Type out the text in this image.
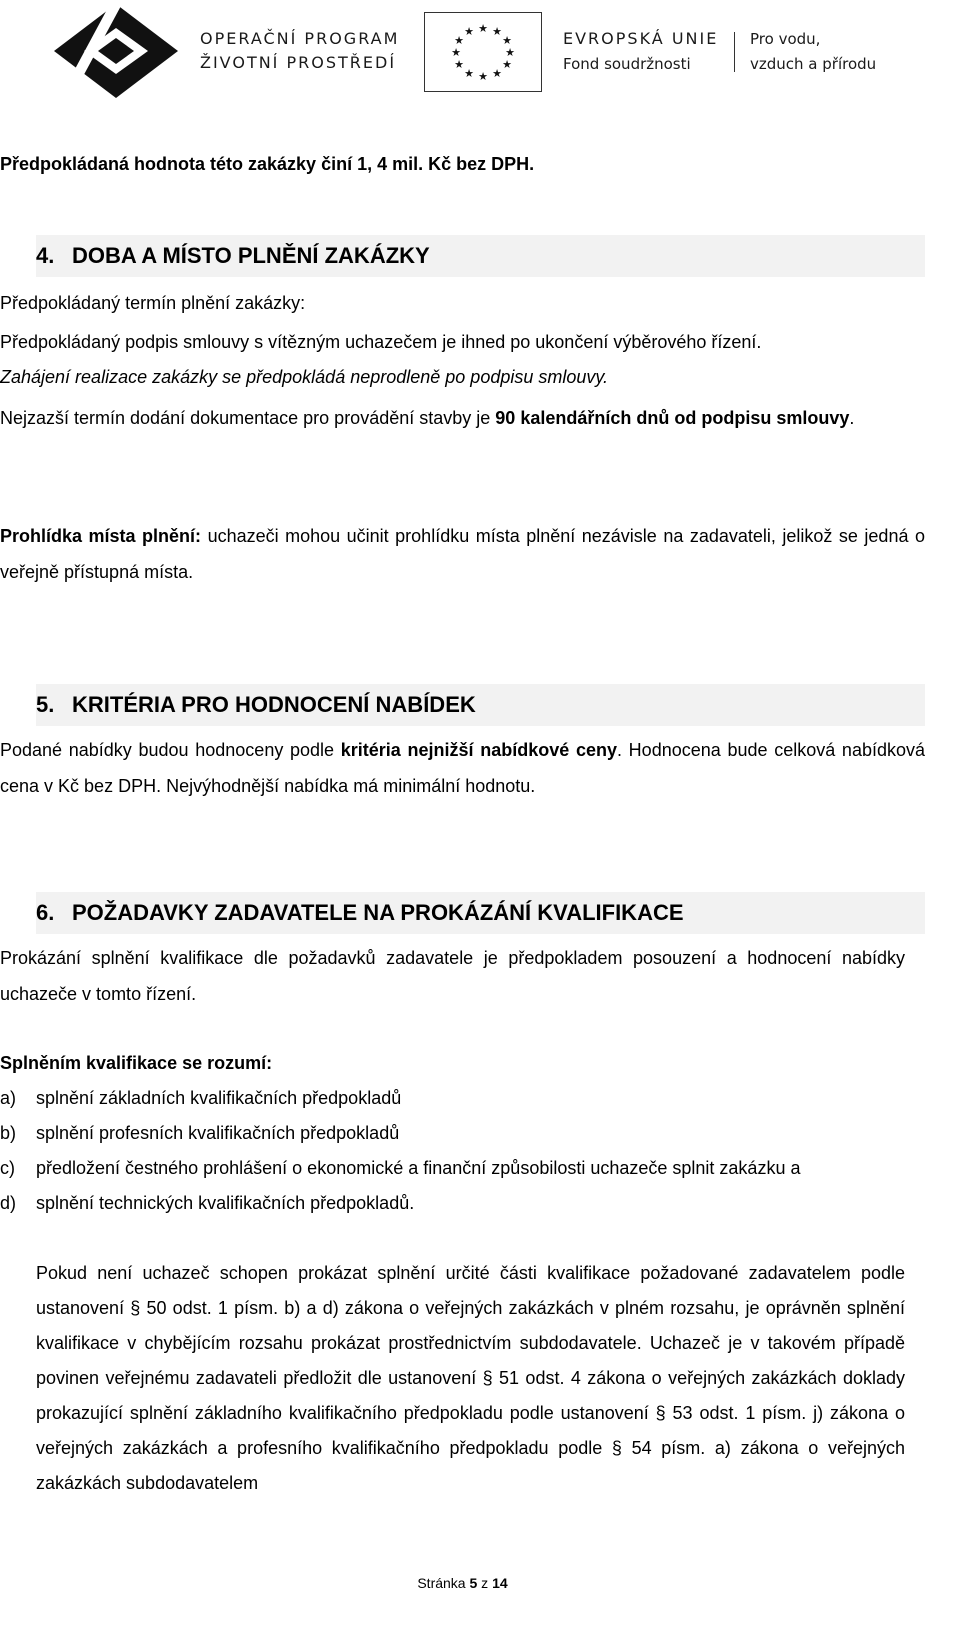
OPERAČNÍ PROGRAM
ŽIVOTNÍ PROSTŘEDÍ
★ ★
★
★
★
★
★
★
★
★
★
★	EVROPSKÁ UNIE
Fond soudržnosti
Pro vodu,
vzduch a přírodu
Předpokládaná hodnota této zakázky činí 1, 4 mil. Kč bez DPH.
4. DOBA A MÍSTO PLNĚNÍ ZAKÁZKY
Předpokládaný termín plnění zakázky:
Předpokládaný podpis smlouvy s vítězným uchazečem je ihned po ukončení výběrového řízení.
Zahájení realizace zakázky se předpokládá neprodleně po podpisu smlouvy.
Nejzazší termín dodání dokumentace pro provádění stavby je 90 kalendářních dnů od podpisu smlouvy.
Prohlídka místa plnění: uchazeči mohou učinit prohlídku místa plnění nezávisle na zadavateli, jelikož se jedná o veřejně přístupná místa.
5. KRITÉRIA PRO HODNOCENÍ NABÍDEK
Podané nabídky budou hodnoceny podle kritéria nejnižší nabídkové ceny. Hodnocena bude celková nabídková cena v Kč bez DPH. Nejvýhodnější nabídka má minimální hodnotu.
6. POŽADAVKY ZADAVATELE NA PROKÁZÁNÍ KVALIFIKACE
Prokázání splnění kvalifikace dle požadavků zadavatele je předpokladem posouzení a hodnocení nabídky uchazeče v tomto řízení.
Splněním kvalifikace se rozumí:
a) splnění základních kvalifikačních předpokladů
b) splnění profesních kvalifikačních předpokladů
c) předložení čestného prohlášení o ekonomické a finanční způsobilosti uchazeče splnit zakázku a
d) splnění technických kvalifikačních předpokladů.
Pokud není uchazeč schopen prokázat splnění určité části kvalifikace požadované zadavatelem podle ustanovení § 50 odst. 1 písm. b) a d) zákona o veřejných zakázkách v plném rozsahu, je oprávněn splnění kvalifikace v chybějícím rozsahu prokázat prostřednictvím subdodavatele. Uchazeč je v takovém případě povinen veřejnému zadavateli předložit dle ustanovení § 51 odst. 4 zákona o veřejných zakázkách doklady prokazující splnění základního kvalifikačního předpokladu podle ustanovení § 53 odst. 1 písm. j) zákona o veřejných zakázkách a profesního kvalifikačního předpokladu podle § 54 písm. a) zákona o veřejných zakázkách subdodavatelem
Stránka 5 z 14
